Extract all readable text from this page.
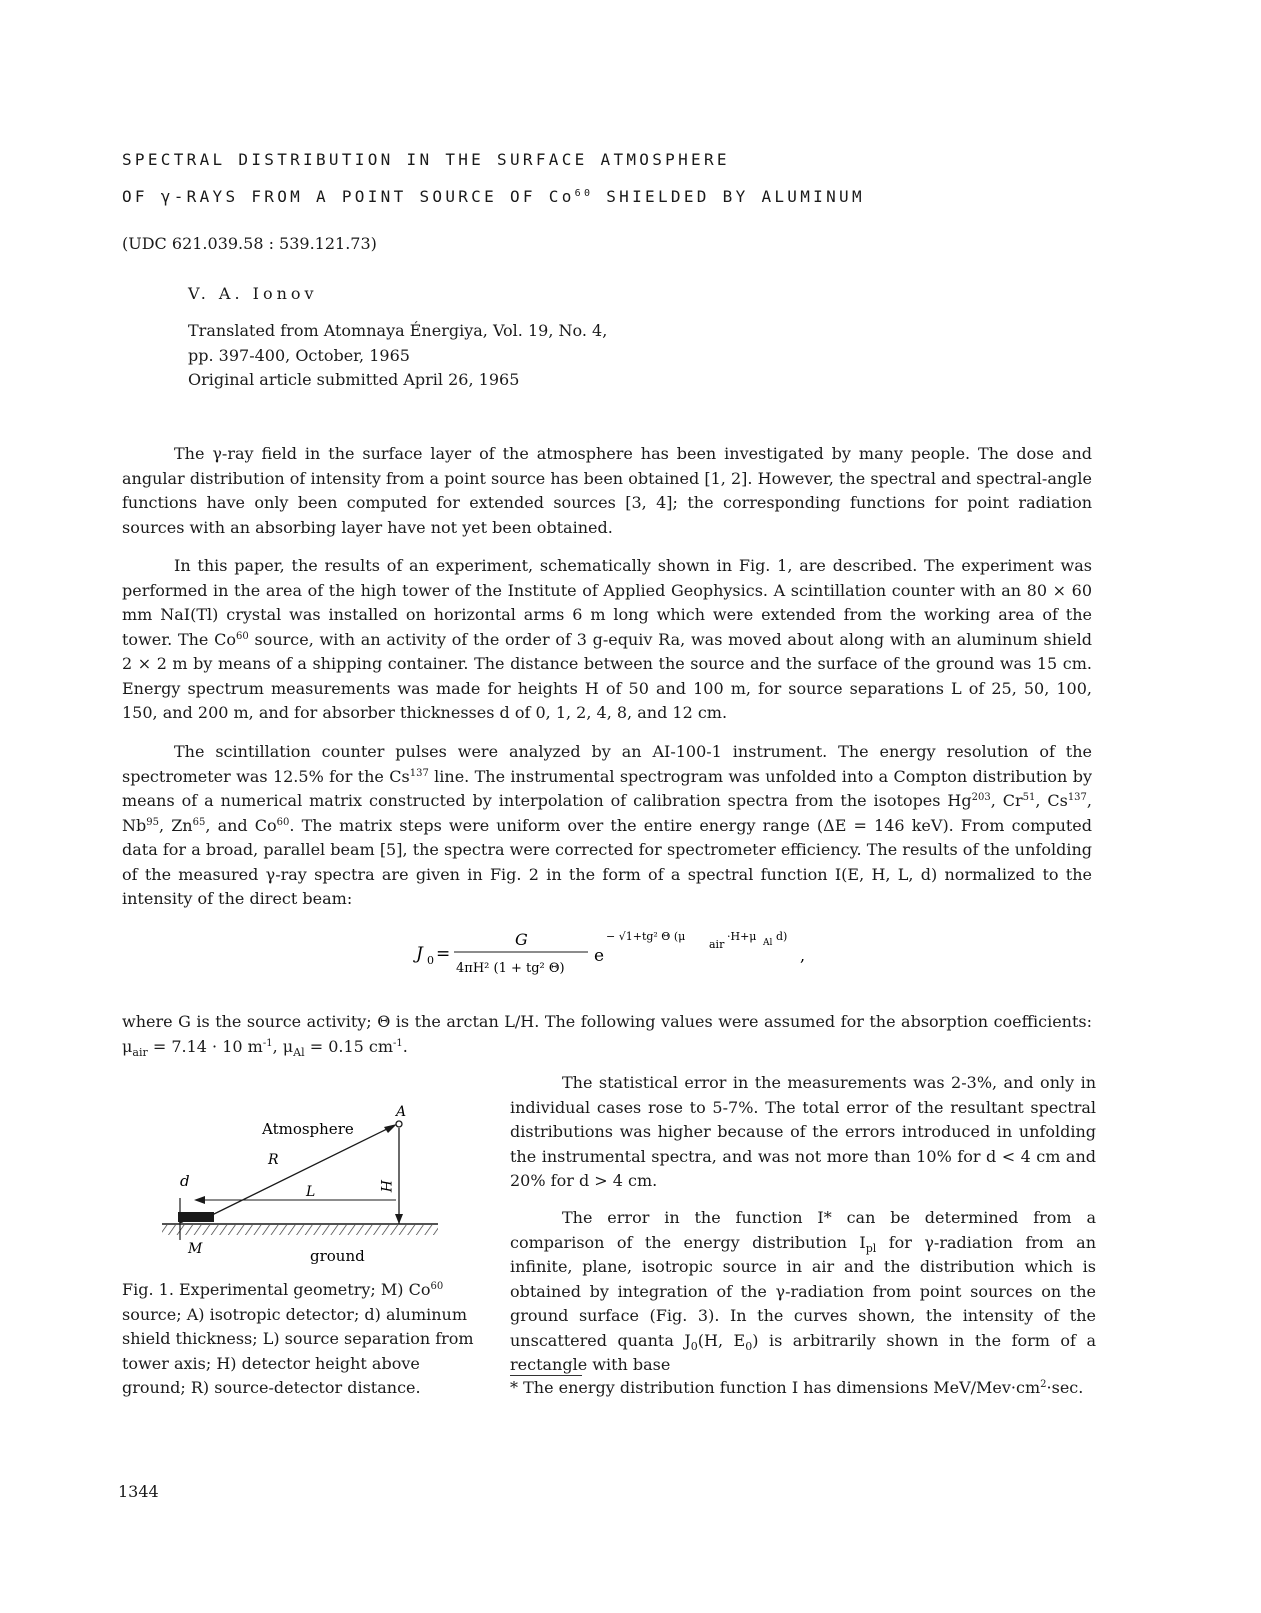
SPECTRAL DISTRIBUTION IN THE SURFACE ATMOSPHERE
OF γ-RAYS FROM A POINT SOURCE OF Co$^{60}$ SHIELDED BY ALUMINUM
(UDC 621.039.58 : 539.121.73)
V. A. Ionov
Translated from Atomnaya Énergiya, Vol. 19, No. 4,
pp. 397-400, October, 1965
Original article submitted April 26, 1965

The γ-ray field in the surface layer of the atmosphere has been investigated by many people. The dose and angular distribution of intensity from a point source has been obtained [1, 2]. However, the spectral and spectral-angle functions have only been computed for extended sources [3, 4]; the corresponding functions for point radiation sources with an absorbing layer have not yet been obtained.

In this paper, the results of an experiment, schematically shown in Fig. 1, are described. The experiment was performed in the area of the high tower of the Institute of Applied Geophysics. A scintillation counter with an 80 × 60 mm NaI(Tl) crystal was installed on horizontal arms 6 m long which were extended from the working area of the tower. The Co$^{60}$ source, with an activity of the order of 3 g-equiv Ra, was moved about along with an aluminum shield 2 × 2 m by means of a shipping container. The distance between the source and the surface of the ground was 15 cm. Energy spectrum measurements was made for heights H of 50 and 100 m, for source separations L of 25, 50, 100, 150, and 200 m, and for absorber thicknesses d of 0, 1, 2, 4, 8, and 12 cm.

The scintillation counter pulses were analyzed by an AI-100-1 instrument. The energy resolution of the spectrometer was 12.5% for the Cs$^{137}$ line. The instrumental spectrogram was unfolded into a Compton distribution by means of a numerical matrix constructed by interpolation of calibration spectra from the isotopes Hg$^{203}$, Cr$^{51}$, Cs$^{137}$, Nb$^{95}$, Zn$^{65}$, and Co$^{60}$. The matrix steps were uniform over the entire energy range (ΔE = 146 keV). From computed data for a broad, parallel beam [5], the spectra were corrected for spectrometer efficiency. The results of the unfolding of the measured γ-ray spectra are given in Fig. 2 in the form of a spectral function I(E, H, L, d) normalized to the intensity of the direct beam:

J 0 =
G
4πH² (1 + tg² Θ)
e
− √1+tg² Θ (μ
air
·H+μ Al d)
,

where G is the source activity; Θ is the arctan L/H. The following values were assumed for the absorption coefficients: $\mu_{air} = 7.14 \cdot 10$ $m^{-1}$, $\mu_{Al} = 0.15$ $cm^{-1}$.

Atmosphere
ground
A
R
H
d
L
M

Fig. 1. Experimental geometry; M) Co$^{60}$ source; A) isotropic detector; d) aluminum shield thickness; L) source separation from tower axis; H) detector height above ground; R) source-detector distance.

The statistical error in the measurements was 2-3%, and only in individual cases rose to 5-7%. The total error of the resultant spectral distributions was higher because of the errors introduced in unfolding the instrumental spectra, and was not more than 10% for d < 4 cm and 20% for d > 4 cm.

The error in the function I* can be determined from a comparison of the energy distribution $I_{pl}$ for γ-radiation from an infinite, plane, isotropic source in air and the distribution which is obtained by integration of the γ-radiation from point sources on the ground surface (Fig. 3). In the curves shown, the intensity of the unscattered quanta $J_0(H$, $E_0$) is arbitrarily shown in the form of a rectangle with base

* The energy distribution function I has dimensions MeV/$Mev\cdot cm^2\cdot\sec$.
1344
